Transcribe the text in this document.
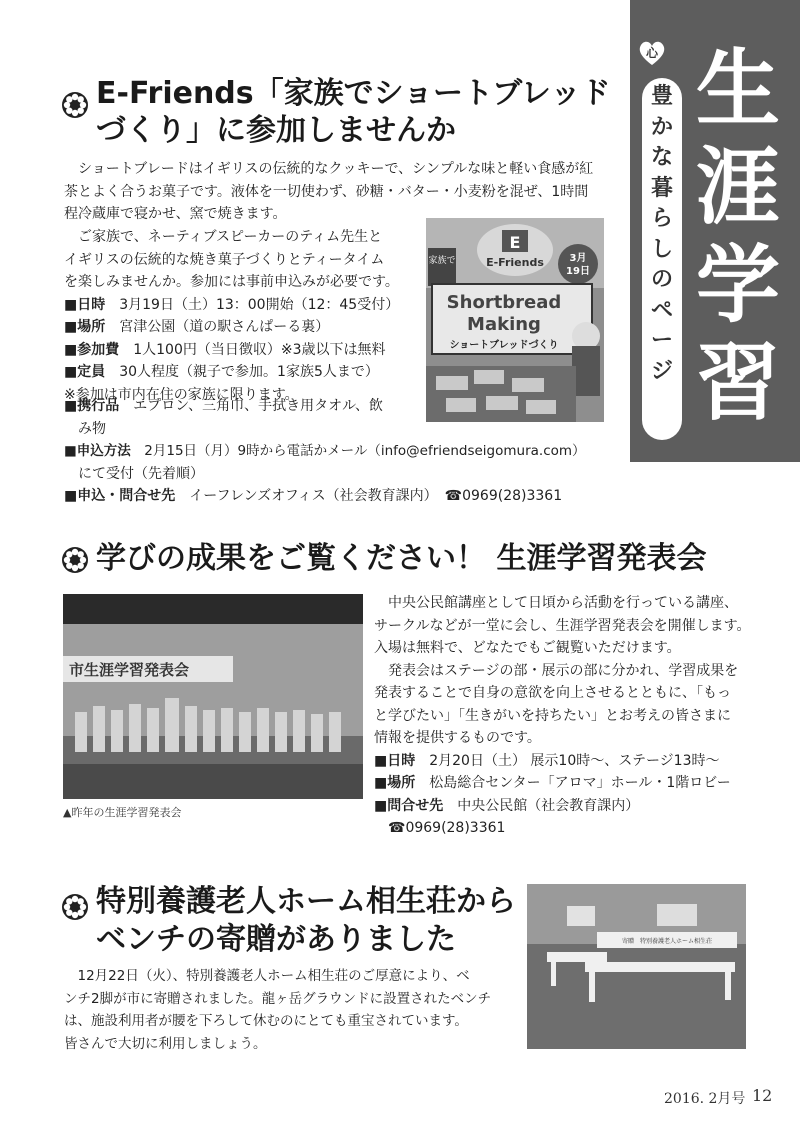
心
豊
か
な
暮
ら
し
の
ペ
ー
ジ
生
涯
学
習
E-Friends「家族でショートブレッド
づくり」に参加しませんか

ショートブレードはイギリスの伝統的なクッキーで、シンプルな味と軽い食感が紅

茶とよく合うお菓子です。液体を一切使わず、砂糖・バター・小麦粉を混ぜ、1時間
程冷蔵庫で寝かせ、窯で焼きます。

ご家族で、ネーティブスピーカーのティム先生と

イギリスの伝統的な焼き菓子づくりとティータイム
を楽しみませんか。参加には事前申込みが必要です。
■日時　 3月19日（土）13：00開始（12：45受付）
■場所　 宮津公園（道の駅さんぱーる裏）
■参加費　 1人100円（当日徴収）※3歳以下は無料
■定員　 30人程度（親子で参加。1家族5人まで）
※参加は市内在住の家族に限ります。
■携行品　 エプロン、三角巾、手拭き用タオル、飲
み物
■申込方法　 2月15日（月）9時から電話かメール（info@efriendseigomura.com）
にて受付（先着順）
■申込・問合せ先　 イーフレンズオフィス（社会教育課内）　☎0969(28)3361
E
E-Friends
家族で	3月
19日
Shortbread
Making
ショートブレッドづくり
学びの成果をご覧ください！ 生涯学習発表会
市生涯学習発表会
▲昨年の生涯学習発表会

中央公民館講座として日頃から活動を行っている講座、

サークルなどが一堂に会し、生涯学習発表会を開催します。
入場は無料で、どなたでもご観覧いただけます。

発表会はステージの部・展示の部に分かれ、学習成果を

発表することで自身の意欲を向上させるとともに、「もっ
と学びたい」「生きがいを持ちたい」とお考えの皆さまに
情報を提供するものです。
■日時　 2月20日（土） 展示10時～、ステージ13時～
■場所　 松島総合センター「アロマ」ホール・1階ロビー
■問合せ先　 中央公民館（社会教育課内）
☎0969(28)3361
特別養護老人ホーム相生荘から
ベンチの寄贈がありました

12月22日（火）、特別養護老人ホーム相生荘のご厚意により、ベ

ンチ2脚が市に寄贈されました。龍ヶ岳グラウンドに設置されたベンチ
は、施設利用者が腰を下ろして休むのにとても重宝されています。
皆さんで大切に利用しましょう。
寄贈　特別養護老人ホーム相生荘
2016. 2月号 12
